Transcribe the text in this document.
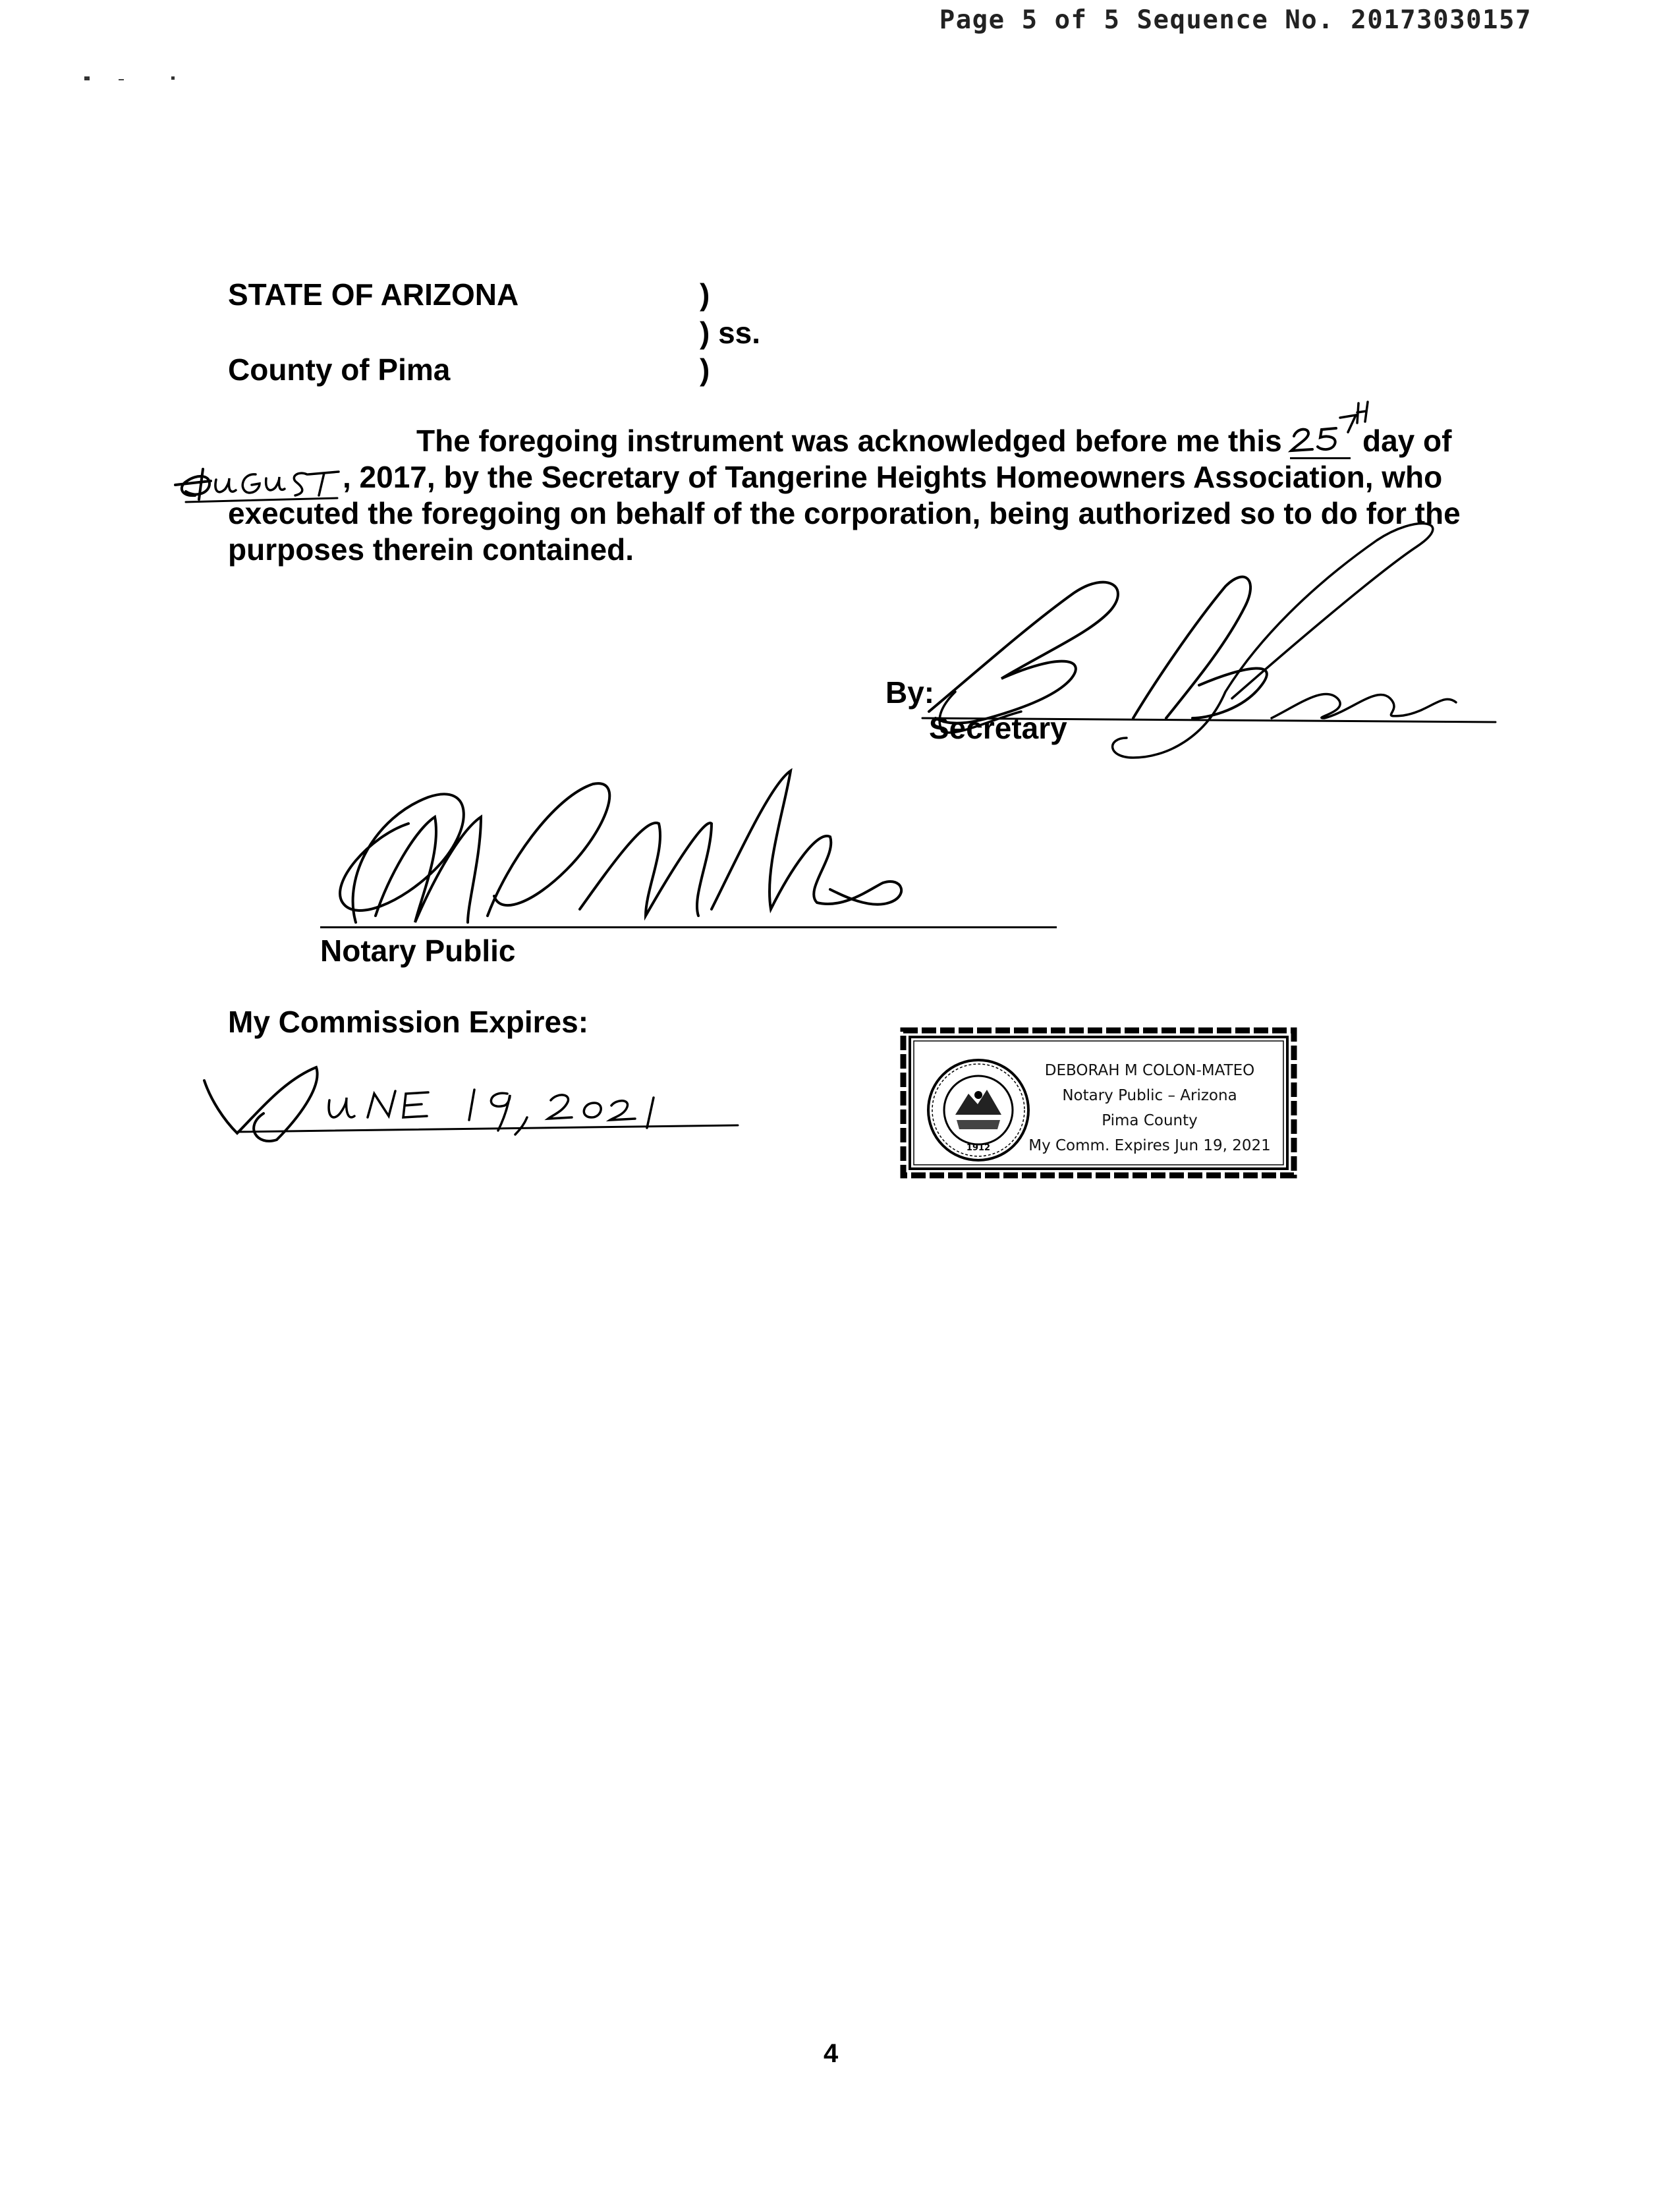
Page 5 of 5 Sequence No. 20173030157
STATE OF ARIZONA	)
) ss.
County of Pima	)
The foregoing instrument was acknowledged before me this	day of
, 2017, by the Secretary of Tangerine Heights Homeowners Association, who
executed the foregoing on behalf of the corporation, being authorized so to do for the
purposes therein contained.
By:
Secretary
Notary Public
My Commission Expires:
1912
DEBORAH M COLON-MATEO
Notary Public – Arizona
Pima County
My Comm. Expires Jun 19, 2021
4
